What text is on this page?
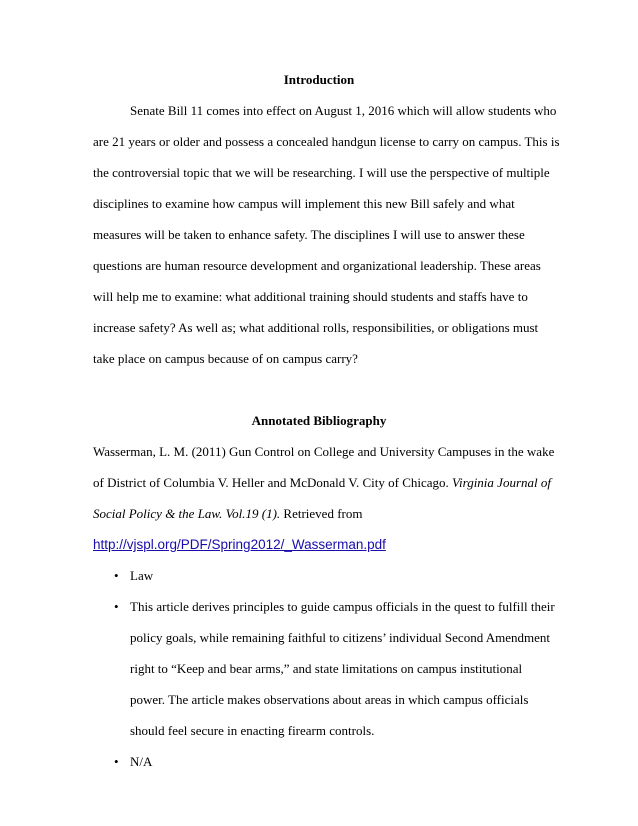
Introduction
Senate Bill 11 comes into effect on August 1, 2016 which will allow students who
are 21 years or older and possess a concealed handgun license to carry on campus. This is
the controversial topic that we will be researching. I will use the perspective of multiple
disciplines to examine how campus will implement this new Bill safely and what
measures will be taken to enhance safety. The disciplines I will use to answer these
questions are human resource development and organizational leadership. These areas
will help me to examine: what additional training should students and staffs have to
increase safety? As well as; what additional rolls, responsibilities, or obligations must
take place on campus because of on campus carry?
Annotated Bibliography
Wasserman, L. M. (2011) Gun Control on College and University Campuses in the wake
of District of Columbia V. Heller and McDonald V. City of Chicago. Virginia Journal of
Social Policy & the Law. Vol.19 (1). Retrieved from
http://vjspl.org/PDF/Spring2012/_Wasserman.pdf
• Law
• This article derives principles to guide campus officials in the quest to fulfill their
policy goals, while remaining faithful to citizens’ individual Second Amendment
right to “Keep and bear arms,” and state limitations on campus institutional
power. The article makes observations about areas in which campus officials
should feel secure in enacting firearm controls.
• N/A
